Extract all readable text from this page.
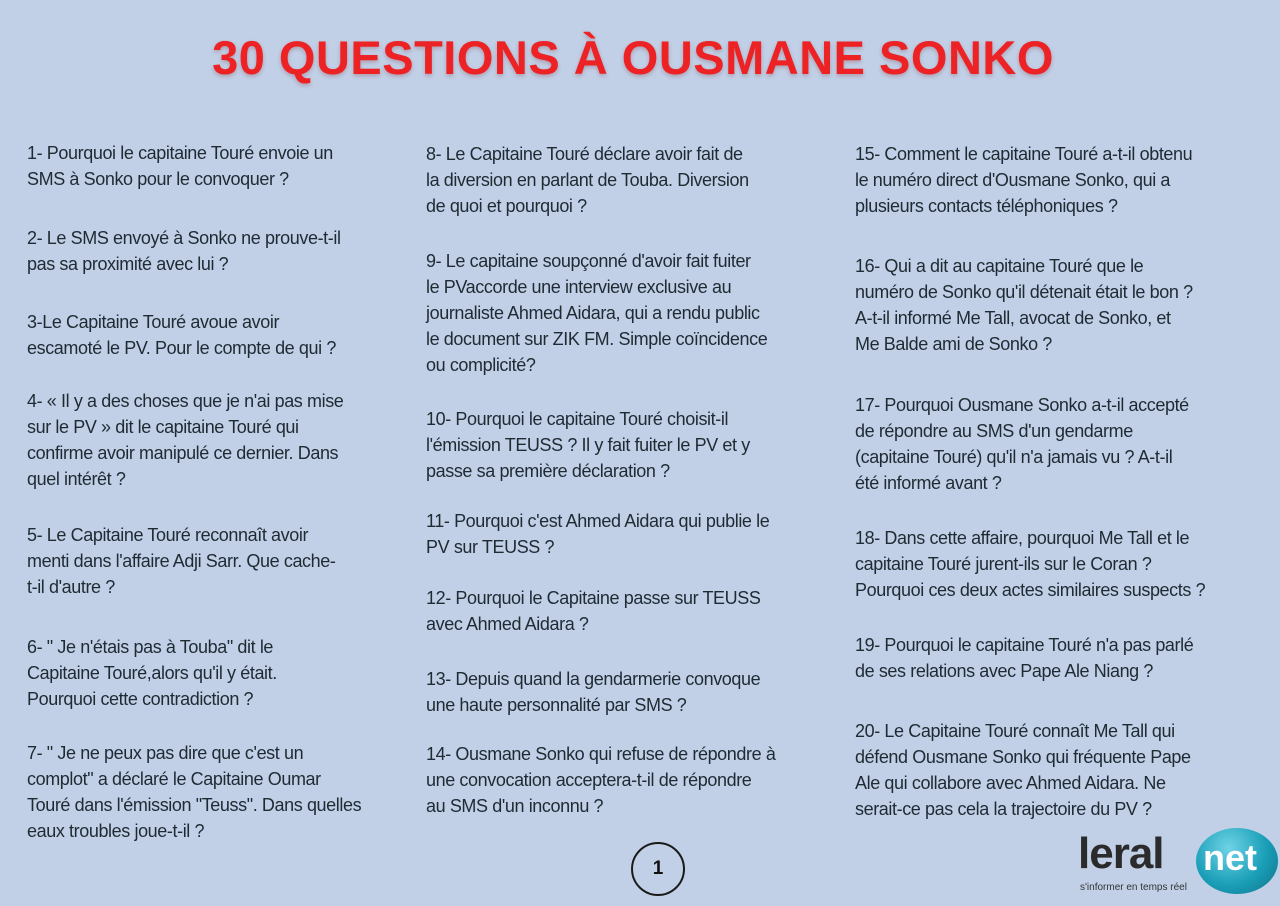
30 QUESTIONS À OUSMANE SONKO
1- Pourquoi le capitaine Touré envoie un
SMS à Sonko pour le convoquer ?
2- Le SMS envoyé à Sonko ne prouve-t-il
pas sa proximité avec lui ?
3-Le Capitaine Touré avoue avoir
escamoté le PV. Pour le compte de qui ?
4- « Il y a des choses que je n'ai pas mise
sur le PV » dit le capitaine Touré qui
confirme avoir manipulé ce dernier. Dans
quel intérêt ?
5- Le Capitaine Touré reconnaît avoir
menti dans l'affaire Adji Sarr. Que cache-
t-il d'autre ?
6- " Je n'étais pas à Touba" dit le
Capitaine Touré,alors qu'il y était.
Pourquoi cette contradiction ?
7- " Je ne peux pas dire que c'est un
complot" a déclaré le Capitaine Oumar
Touré dans l'émission "Teuss". Dans quelles
eaux troubles joue-t-il ?
8- Le Capitaine Touré déclare avoir fait de
la diversion en parlant de Touba. Diversion
de quoi et pourquoi ?
9- Le capitaine soupçonné d'avoir fait fuiter
le PVaccorde une interview exclusive au
journaliste Ahmed Aidara, qui a rendu public
le document sur ZIK FM. Simple coïncidence
ou complicité?
10- Pourquoi le capitaine Touré choisit-il
l'émission TEUSS ? Il y fait fuiter le PV et y
passe sa première déclaration ?
11- Pourquoi c'est Ahmed Aidara qui publie le
PV sur TEUSS ?
12- Pourquoi le Capitaine passe sur TEUSS
avec Ahmed Aidara ?
13- Depuis quand la gendarmerie convoque
une haute personnalité par SMS ?
14- Ousmane Sonko qui refuse de répondre à
une convocation acceptera-t-il de répondre
au SMS d'un inconnu ?
15- Comment le capitaine Touré a-t-il obtenu
le numéro direct d'Ousmane Sonko, qui a
plusieurs contacts téléphoniques ?
16- Qui a dit au capitaine Touré que le
numéro de Sonko qu'il détenait était le bon ?
A-t-il informé Me Tall, avocat de Sonko, et
Me Balde ami de Sonko ?
17- Pourquoi Ousmane Sonko a-t-il accepté
de répondre au SMS d'un gendarme
(capitaine Touré) qu'il n'a jamais vu ? A-t-il
été informé avant ?
18- Dans cette affaire, pourquoi Me Tall et le
capitaine Touré jurent-ils sur le Coran ?
Pourquoi ces deux actes similaires suspects ?
19- Pourquoi le capitaine Touré n'a pas parlé
de ses relations avec Pape Ale Niang ?
20- Le Capitaine Touré connaît Me Tall qui
défend Ousmane Sonko qui fréquente Pape
Ale qui collabore avec Ahmed Aidara. Ne
serait-ce pas cela la trajectoire du PV ?
1	leral net
s'informer en temps réel
